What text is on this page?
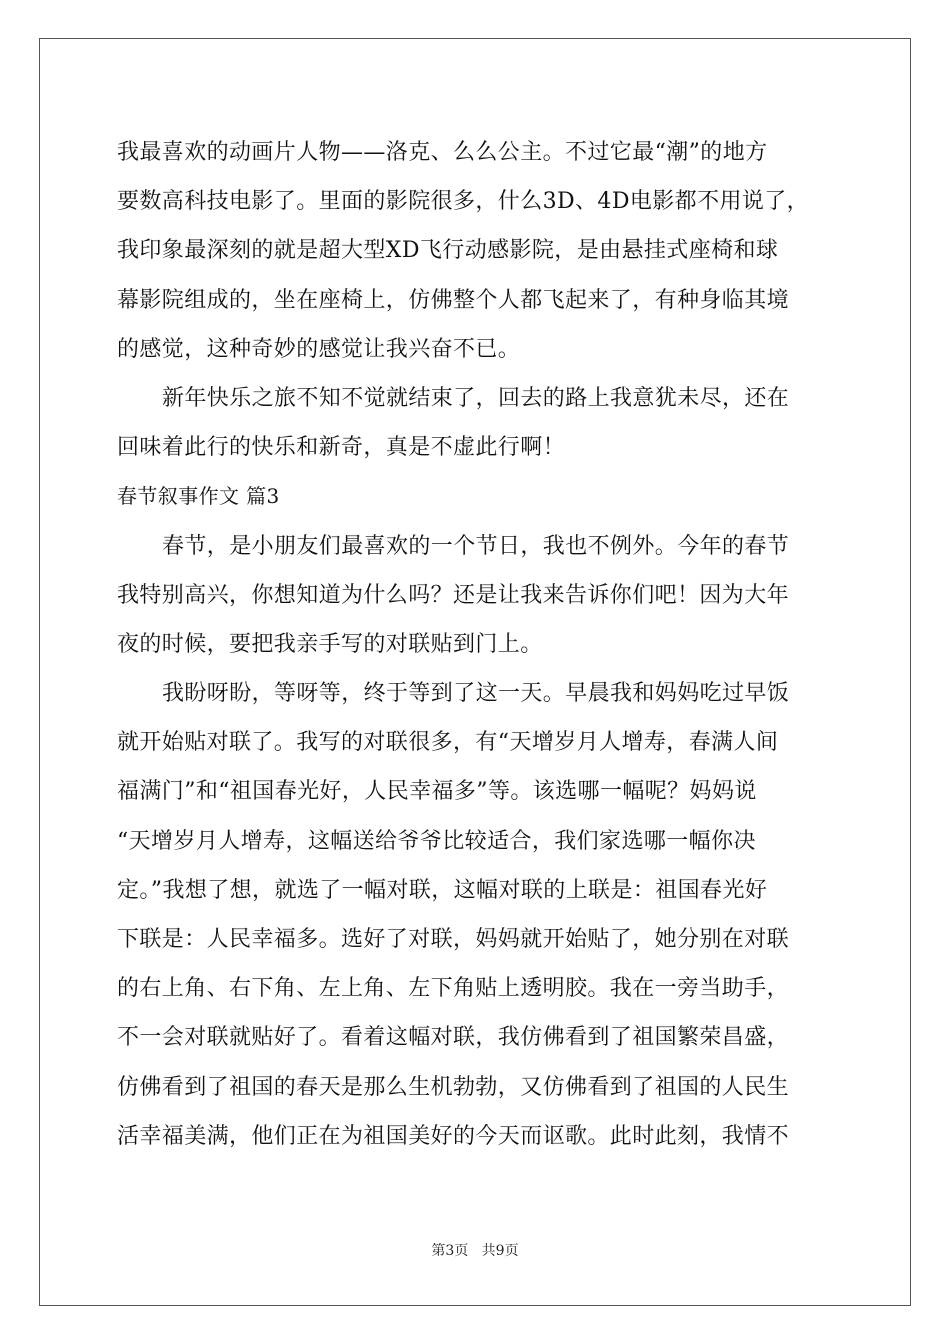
我最喜欢的动画片人物——洛克、么么公主。不过它最“潮”的地方
要数高科技电影了。里面的影院很多，什么3D、4D电影都不用说了，
我印象最深刻的就是超大型XD飞行动感影院，是由悬挂式座椅和球
幕影院组成的，坐在座椅上，仿佛整个人都飞起来了，有种身临其境
的感觉，这种奇妙的感觉让我兴奋不已。
新年快乐之旅不知不觉就结束了，回去的路上我意犹未尽，还在
回味着此行的快乐和新奇，真是不虚此行啊！
春节叙事作文 篇3
春节，是小朋友们最喜欢的一个节日，我也不例外。今年的春节
我特别高兴，你想知道为什么吗？还是让我来告诉你们吧！因为大年
夜的时候，要把我亲手写的对联贴到门上。
我盼呀盼，等呀等，终于等到了这一天。早晨我和妈妈吃过早饭
就开始贴对联了。我写的对联很多，有“天增岁月人增寿，春满人间
福满门”和“祖国春光好，人民幸福多”等。该选哪一幅呢？妈妈说
“天增岁月人增寿，这幅送给爷爷比较适合，我们家选哪一幅你决
定。”我想了想，就选了一幅对联，这幅对联的上联是：祖国春光好
下联是：人民幸福多。选好了对联，妈妈就开始贴了，她分别在对联
的右上角、右下角、左上角、左下角贴上透明胶。我在一旁当助手，
不一会对联就贴好了。看着这幅对联，我仿佛看到了祖国繁荣昌盛，
仿佛看到了祖国的春天是那么生机勃勃，又仿佛看到了祖国的人民生
活幸福美满，他们正在为祖国美好的今天而讴歌。此时此刻，我情不
第3页   共9页
